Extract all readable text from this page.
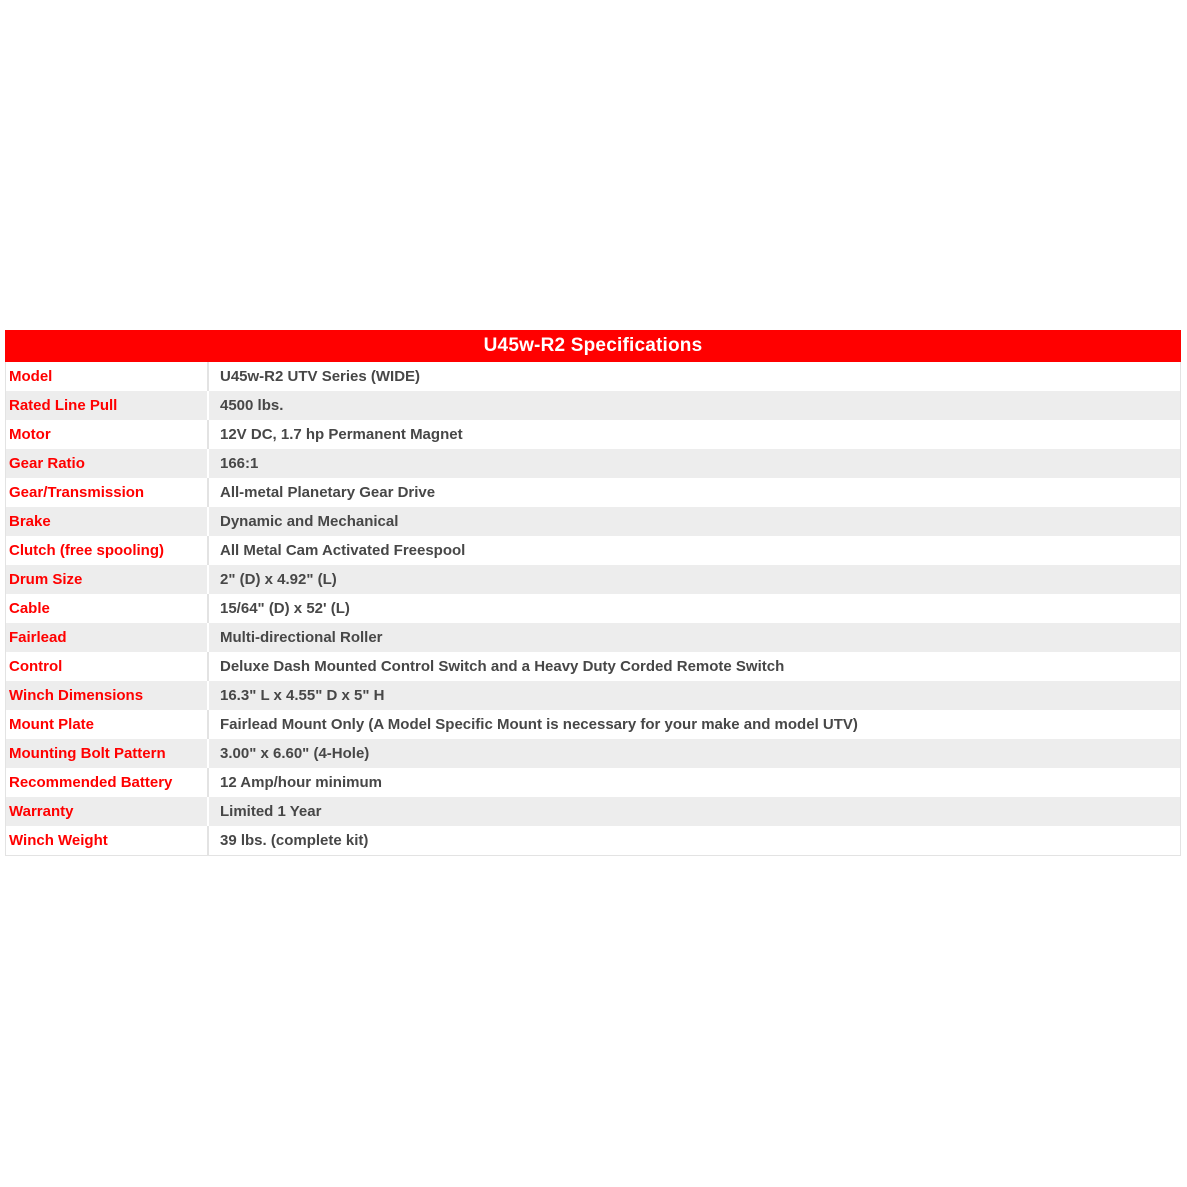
U45w-R2 Specifications
Model	U45w-R2 UTV Series (WIDE)
Rated Line Pull	4500 lbs.
Motor	12V DC, 1.7 hp Permanent Magnet
Gear Ratio	166:1
Gear/Transmission	All-metal Planetary Gear Drive
Brake	Dynamic and Mechanical
Clutch (free spooling)	All Metal Cam Activated Freespool
Drum Size	2" (D) x 4.92" (L)
Cable	15/64" (D) x 52' (L)
Fairlead	Multi-directional Roller
Control	Deluxe Dash Mounted Control Switch and a Heavy Duty Corded Remote Switch
Winch Dimensions	16.3" L x 4.55" D x 5" H
Mount Plate	Fairlead Mount Only (A Model Specific Mount is necessary for your make and model UTV)
Mounting Bolt Pattern	3.00" x 6.60" (4-Hole)
Recommended Battery	12 Amp/hour minimum
Warranty	Limited 1 Year
Winch Weight	39 lbs. (complete kit)
